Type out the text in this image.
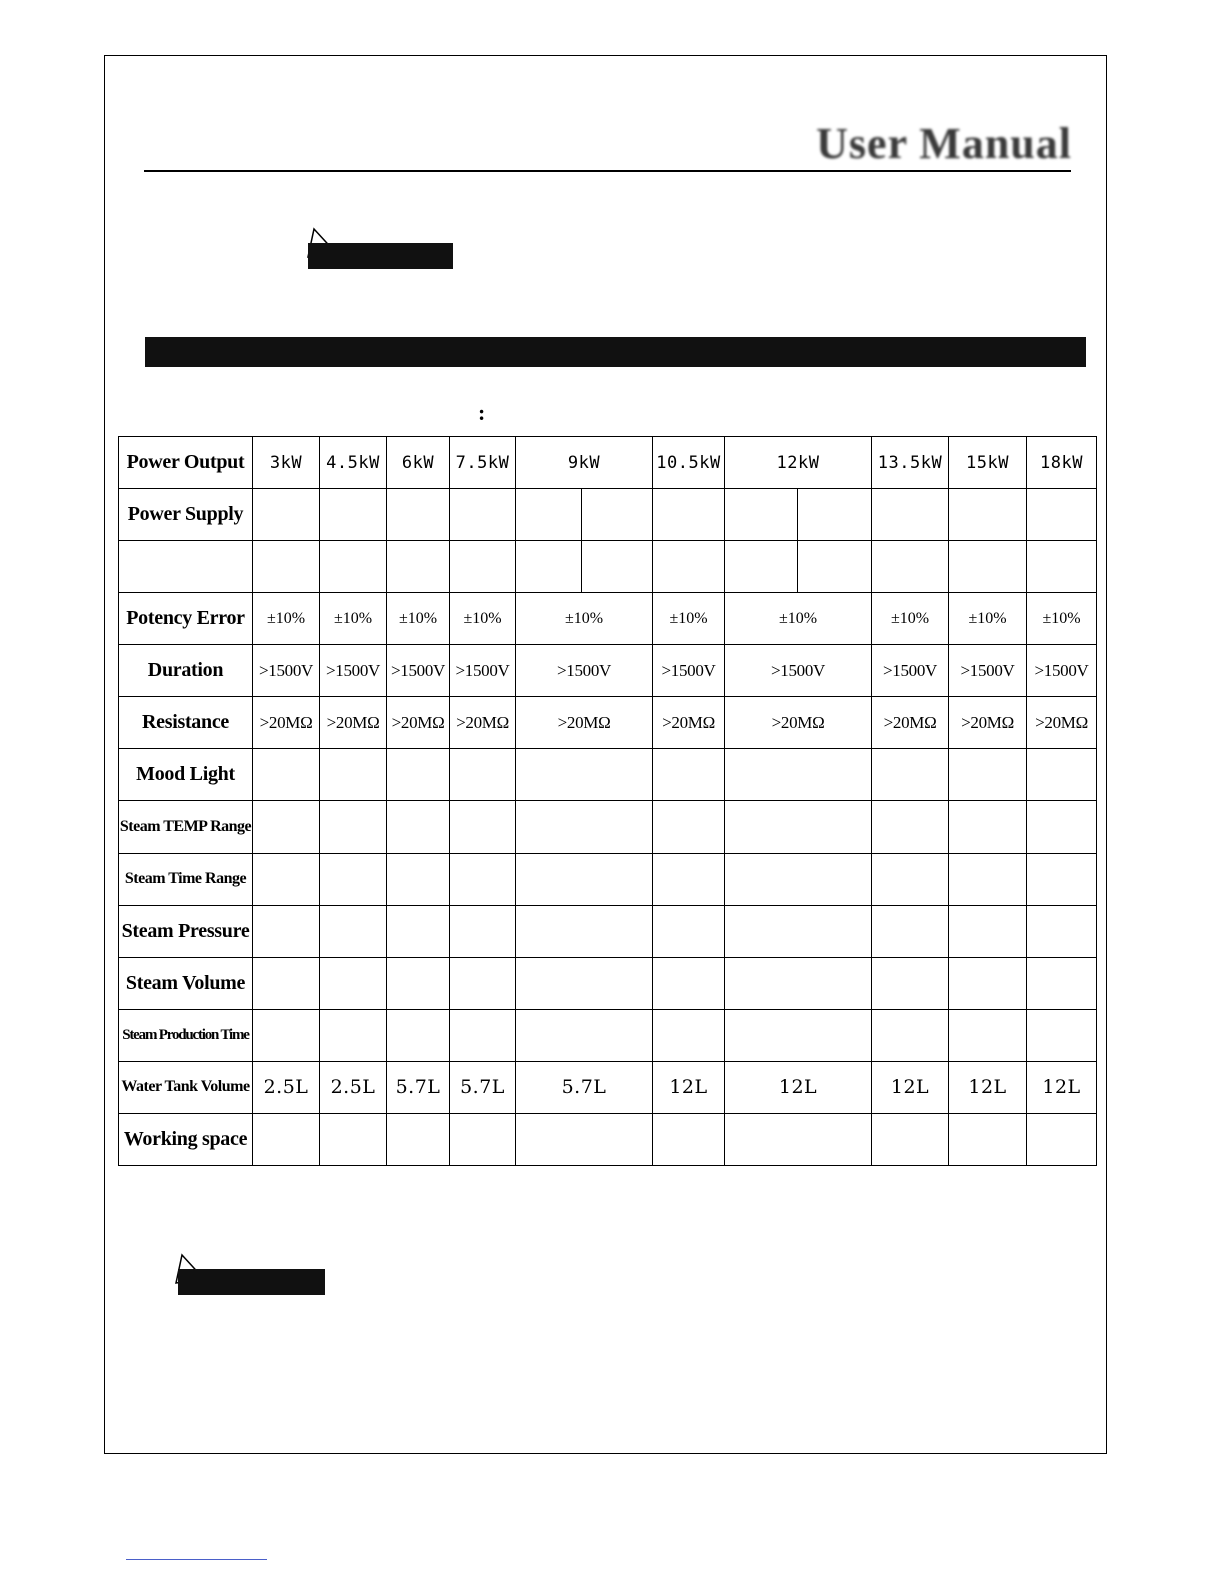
User Manual
:
Power Output	3kW	4.5kW	6kW	7.5kW	9kW		10.5kW	12kW		13.5kW	15kW	18kW
Power Supply												

Potency Error	±10%	±10%	±10%	±10%	±10%		±10%	±10%		±10%	±10%	±10%
Duration	>1500V	>1500V	>1500V	>1500V	>1500V		>1500V	>1500V		>1500V	>1500V	>1500V
Resistance	>20MΩ	>20MΩ	>20MΩ	>20MΩ	>20MΩ		>20MΩ	>20MΩ		>20MΩ	>20MΩ	>20MΩ
Mood Light												
Steam TEMP Range												
Steam Time Range												
Steam Pressure												
Steam Volume												
Steam Production Time												
Water Tank Volume	2.5L	2.5L	5.7L	5.7L	5.7L		12L	12L		12L	12L	12L
Working space												
